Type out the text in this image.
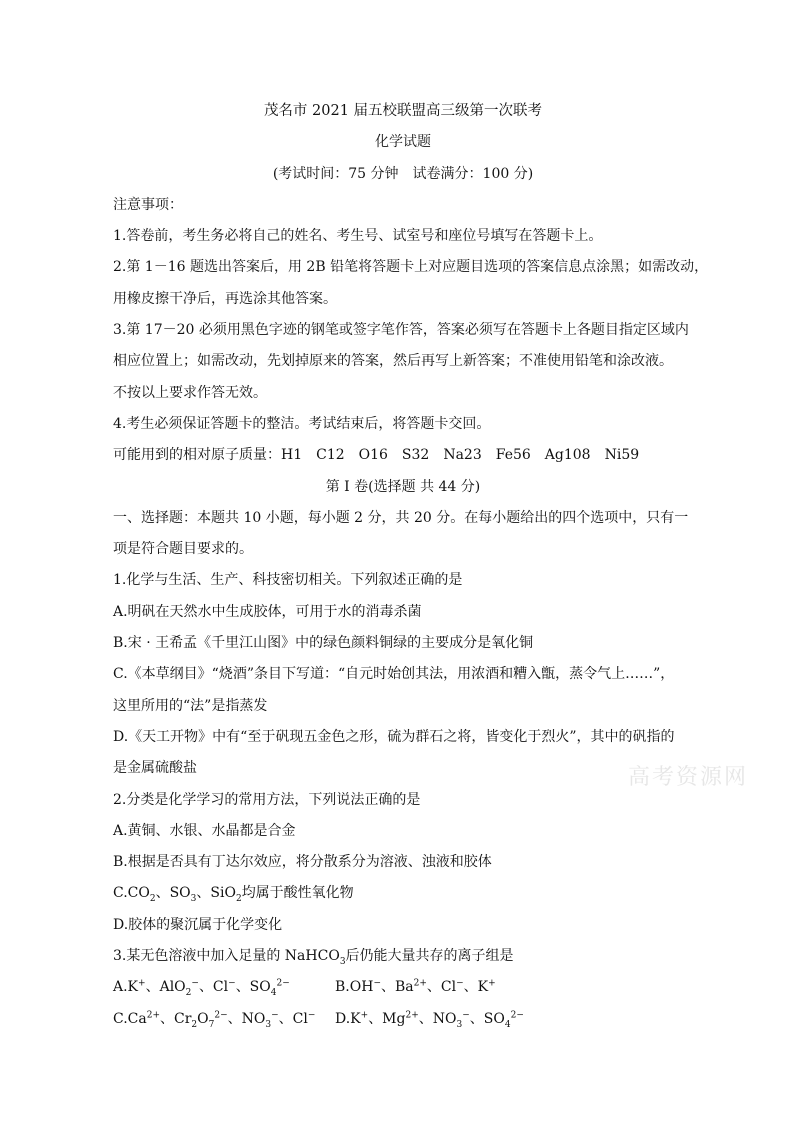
茂名市 2021 届五校联盟高三级第一次联考
化学试题
(考试时间：75 分钟　试卷满分：100 分)
注意事项：
1.答卷前，考生务必将自己的姓名、考生号、试室号和座位号填写在答题卡上。
2.第 1－16 题选出答案后，用 2B 铅笔将答题卡上对应题目选项的答案信息点涂黑；如需改动，
用橡皮擦干净后，再选涂其他答案。
3.第 17－20 必须用黑色字迹的钢笔或签字笔作答，答案必须写在答题卡上各题目指定区域内
相应位置上；如需改动，先划掉原来的答案，然后再写上新答案；不准使用铅笔和涂改液。
不按以上要求作答无效。
4.考生必须保证答题卡的整洁。考试结束后，将答题卡交回。
可能用到的相对原子质量：H1　C12　O16　S32　Na23　Fe56　Ag108　Ni59
第 I 卷(选择题 共 44 分)
一、选择题：本题共 10 小题，每小题 2 分，共 20 分。在每小题给出的四个选项中，只有一
项是符合题目要求的。
1.化学与生活、生产、科技密切相关。下列叙述正确的是
A.明矾在天然水中生成胶体，可用于水的消毒杀菌
B.宋 · 王希孟《千里江山图》中的绿色颜料铜绿的主要成分是氧化铜
C.《本草纲目》“烧酒”条目下写道：“自元时始创其法，用浓酒和糟入甑，蒸令气上……”，
这里所用的“法”是指蒸发
D.《天工开物》中有“至于矾现五金色之形，硫为群石之将，皆变化于烈火”，其中的矾指的
是金属硫酸盐
2.分类是化学学习的常用方法，下列说法正确的是
A.黄铜、水银、水晶都是合金
B.根据是否具有丁达尔效应，将分散系分为溶液、浊液和胶体
$C.CO_2$、$SO_3$、SiO$_2$均属于酸性氧化物
D.胶体的聚沉属于化学变化
3.某无色溶液中加入足量的 NaHCO$_3$后仍能大量共存的离子组是
A.K+、AlO$_2$−、Cl−、$SO_4^{2-}$	B.OH−、$Ba^{2+}$、Cl−、K+
$C.Ca^{2+}$、$Cr_2O_7^{2-}$、$NO_3^-$、Cl−	D.K+、$Mg^{2+}$、$NO_3^-$、$SO_4^{2-}$
高考资源网
